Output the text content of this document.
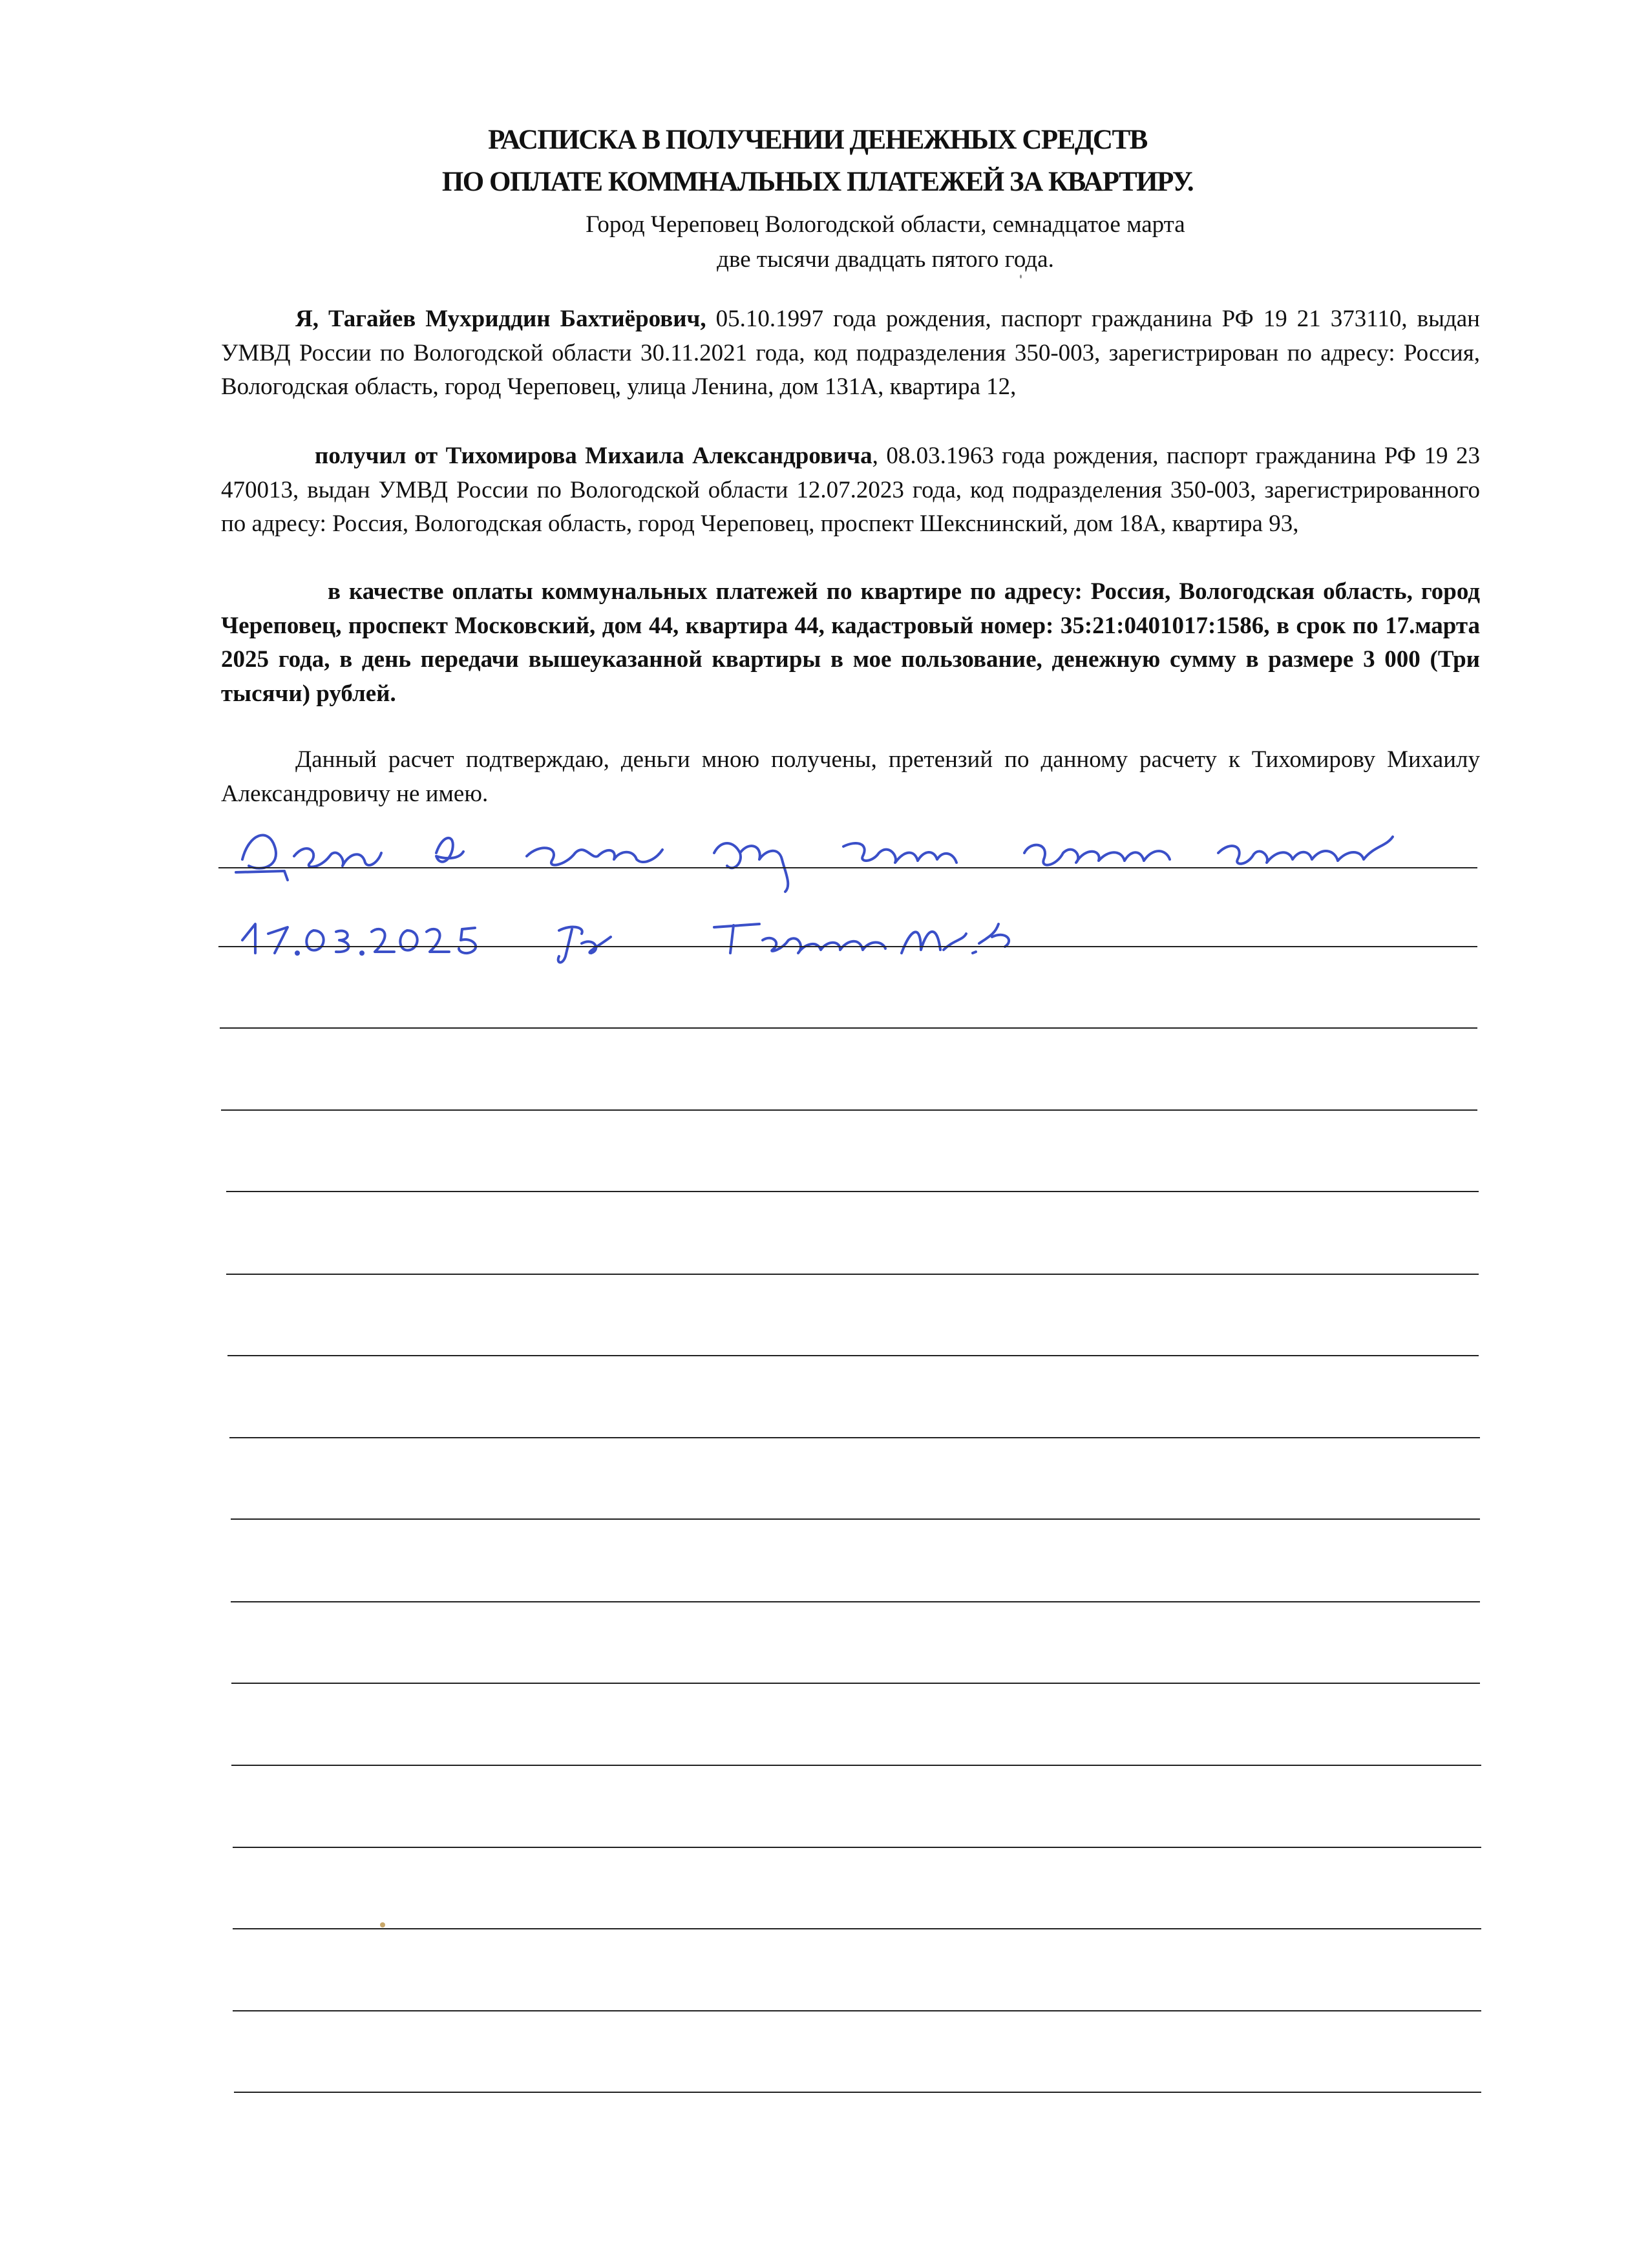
РАСПИСКА В ПОЛУЧЕНИИ ДЕНЕЖНЫХ СРЕДСТВ
ПО ОПЛАТЕ КОММНАЛЬНЫХ ПЛАТЕЖЕЙ ЗА КВАРТИРУ.
Город Череповец Вологодской области, семнадцатое марта
две тысячи двадцать пятого года.

Я, Тагайев Мухриддин Бахтиёрович, 05.10.1997 года рождения, паспорт гражданина РФ 19 21 373110, выдан УМВД России по Вологодской области 30.11.2021 года, код подразделения 350-003, зарегистрирован по адресу: Россия, Вологодская область, город Череповец, улица Ленина, дом 131А, квартира 12,

получил от Тихомирова Михаила Александровича, 08.03.1963 года рождения, паспорт гражданина РФ 19 23 470013, выдан УМВД России по Вологодской области 12.07.2023 года, код подразделения 350-003, зарегистрированного по адресу: Россия, Вологодская область, город Череповец, проспект Шекснинский, дом 18А, квартира 93,

в качестве оплаты коммунальных платежей по квартире по адресу: Россия, Вологодская область, город Череповец, проспект Московский, дом 44, квартира 44, кадастровый номер: 35:21:0401017:1586, в срок по 17.марта 2025 года, в день передачи вышеуказанной квартиры в мое пользование, денежную сумму в размере 3 000 (Три тысячи) рублей.

Данный расчет подтверждаю, деньги мною получены, претензий по данному расчету к Тихомирову Михаилу Александровичу не имею.
